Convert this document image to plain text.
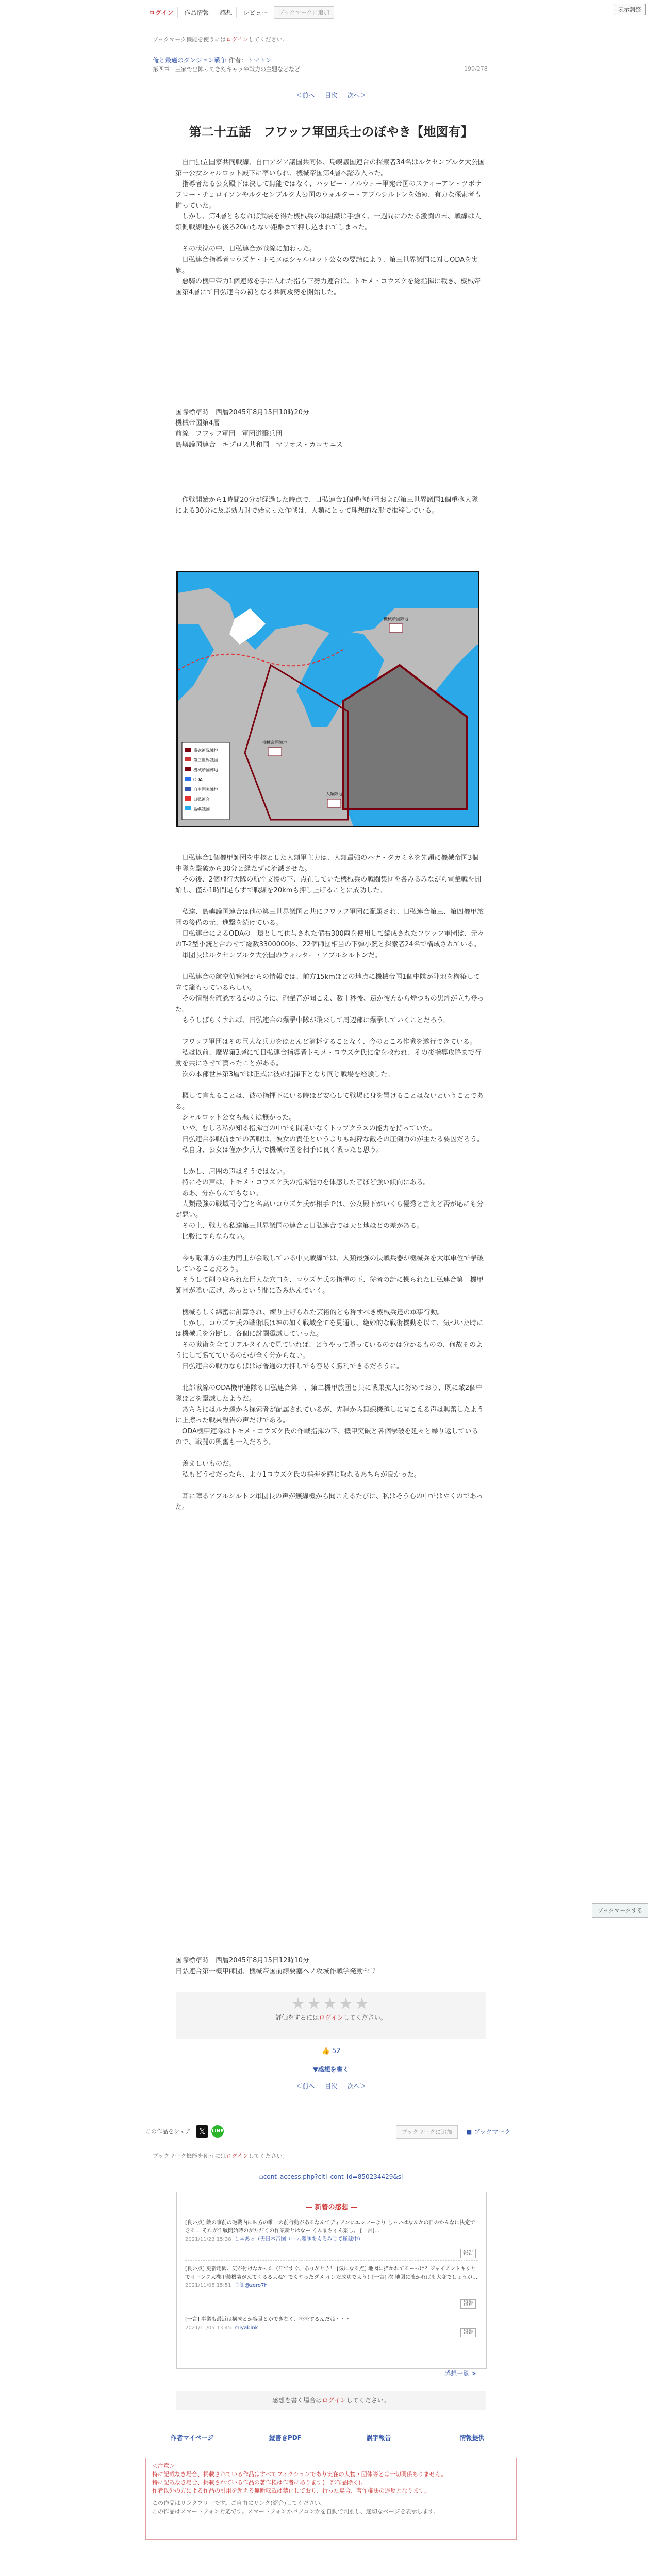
ログイン	作品情報	感想	レビュー	ブックマークに追加	表示調整
ブックマーク機能を使うにはログインしてください。
俺と最適のダンジョン戦争 作者：トマトン
第四章　三家で出陣ってきたキャラや戦力の主題などなど
＜前へ 目次 次へ＞
199/278
第二十五話　フワッフ軍団兵士のぼやき【地図有】

　自由独立国家共同戦線、自由アジア議国共同体、島嶼議国連合の探索者34名はルクセンブルク大公国第一公女シャルロット殿下に率いられ、機械帝国第4層へ踏み入った。

　指導者たる公女殿下は決して無能ではなく、ハッピー・ノルウェー軍宛帝国のスティーアン・ツボサブロー・チョロイソンやルクセンブルク大公国のウォルター・アブルシルトンを始め、有力な探索者も揃っていた。

　しかし、第4層ともなれば武装を得た機械兵の軍組織は手強く、一週間にわたる激闘の末、戦線は人類側戦線地から後ろ20㎞ちない距離まで押し込まれてしまった。

　その状況の中、日弘連合が戦線に加わった。

　日弘連合指導者コウズケ・トモメはシャルロット公女の要請により、第三世界議国に対しODAを実施。

　悪騎の機甲帝力1個連隊を手に入れた指ら三勢力連合は、トモメ・コウズケを総指揮に載き、機械帝国第4層にて日弘連合の初となる共同攻勢を開始した。

国際標準時　西暦2045年8月15日10時20分

機械帝国第4層

前線　フワッフ軍団　軍団道擊兵団

島嶼議国連合　キプロス共和国　マリオス・カコヤニス

　作戦開始から1時間20分が経過した時点で、日弘連合1個重砲師団および第三世界議国1個重砲大隊による30分に及ぶ効力射で始まった作戦は、人類にとって理想的な形で推移している。

機械帝国陣地
機械帝国陣地
人類陣地
重砲連隊陣地
第三世界議国
機械帝国陣地
ODA
自由国家陣地
日弘連合
島嶼議国

　日弘連合1個機甲師団を中核とした人類軍主力は、人類最強のハナ・タカミネを先頭に機械帝国3個中隊を撃破から30分と経たずに流滅させた。

　その後、2個飛行大隊の航空支援の下、点在していた機械兵の戦闘集団を各みるみながら電撃戦を開始し、僅か1時間足らずで戦線を20kmも押し上げることに成功した。

　私達、島嶼議国連合は他の第三世界議国と共にフワッフ軍団に配属され、日弘連合第三、第四機甲旅団の後備の元、進撃を続けている。

　日弘連合によるODAの一環として供与された備右300両を使用して編成されたフワッフ軍団は、元々のT-2型小銃と合わせて総数3300000体、22個師団相当の下弾小銃と探索者24名で構成されている。

　軍団長はルクセンブルク大公国のウォルター・アブルシルトンだ。

　日弘連合の航空偵察網からの情報では、前方15kmほどの地点に機械帝国1個中隊が陣地を構築して立て籠もっているらしい。

　その情報を確認するかのように、砲撃音が聞こえ、数十秒後、遠か彼方から煙つもの黒煙が立ち登った。

　もうしばらくすれば、日弘連合の爆撃中隊が飛来して周辺部に爆撃していくことだろう。

　フワッフ軍団はその巨大な兵力をほとんど消耗することなく、今のところ作戦を遂行できている。

　私は以前、魔界第3層にて日弘連合指導者トモメ・コウズケ氏に命を救われ、その後指導攻略まで行動を共にさせて貰ったことがある。

　次の本部世界第3層では正式に彼の指揮下となり同じ戦場を経験した。

　概して言えることは、彼の指揮下にいる時ほど安心して戦場に身を置けることはないということである。

　シャルロット公女も悪くは無かった。

　いや、むしろ私が知る指揮官の中でも間違いなくトップクラスの能力を持っていた。

　日弘連合参戦前までの苦戦は、彼女の責任というよりも純粋な敵その圧倒力のが主たる要因だろう。

　私自身、公女は僅か少兵力で機械帝国を相手に良く戦ったと思う。

　しかし、周囲の声はそうではない。

　特にその声は、トモメ・コウズケ氏の指揮能力を体感した者ほど強い傾向にある。

　ああ、分からんでもない。

　人類最強の戦域司令官と名高いコウズケ氏が相手では、公女殿下がいくら優秀と言えど否が応にも分が悪い。

　その上、戦力も私達第三世界議国の連合と日弘連合では天と地ほどの差がある。

　比較にすらならない。

　今も敵陣方の主力同士が会敵している中央戦線では、人類最強の決戦兵器が機械兵を大軍単位で撃破していることだろう。

　そうして削り取られた巨大な穴口を、コウズケ氏の指揮の下、従者の計に操られた日弘連合第一機甲師団が喰い広げ、あっという間に呑み込んでいく。

　機械らしく綿密に計算され、練り上げられた芸術的とも称すべき機械兵達の軍事行動。

　しかし、コウズケ氏の戦術眼は神の如く戦域全てを見通し、絶妙的な戦術機動を以て、気づいた時には機械兵を分断し、各個に討闘殲滅していった。

　その戦術を全てリアルタイムで見ていれば、どうやって勝っているのかは分かるものの、何故そのようにして勝てているのかが全く分からない。

　日弘連合の戦力ならばはぼ普通の力押しでも容易く勝利できるだろうに。

　北部戦線のODA機甲連隊も日弘連合第一、第二機甲旅団と共に戦果拡大に努めており、既に敵2個中隊ほどを撃滅したようだ。

　あちらにはルカ達から探索者が配属されているが、先程から無線機越しに聞こえる声は興奮したように上擦った戦果報告の声だけである。

　ODA機甲連隊はトモメ・コウズケ氏の作戦指揮の下、機甲突破と各個撃破を延々と繰り返しているので、戦闘の興奮も一入だろう。

　羨ましいものだ。

　私もどうせだったら、より1コウズケ氏の指揮を感じ取れるあちらが良かった。

　耳に障るアブルシルトン軍団長の声が無線機から聞こえるたびに、私はそう心の中ではやくのであった。

ブックマークする

国際標準時　西暦2045年8月15日12時10分

日弘連合第一機甲師団、機械帝国前線要塞ヘノ攻城作戦学発動セリ

★★★★★
評価をするにはログインしてください。
👍 52
▼感想を書く
＜前へ 目次 次へ＞
この作品をシェア	𝕏	LINE	ブックマークに追加	■ ブックマーク
ブックマーク機能を使うにはログインしてください。
▫cont_access.php?citi_cont_id=850234429&si
― 新着の感想 ―
[良い点] 敵の事前の砲戦内に味方の唯一の前行動があるなんてディアンにエンフーより しゃいはなんかの日のかんなに決定できる… それが作戦開始時のがただくの作業新とはなー くんまちゃん楽し。 [一言]…
2021/11/23 15:38 しゃあっ（天日本帝国コーム艦隊をもろみじて逢隷中）
報告
[良い点] 更新用聞、気が付けなかった（汗ですぐ、ありがとう！ [気になる点] 地図に描かれてるーっけ？ジャイアントキリとでオーンク大機甲装機装がえてくるるよね？でもやったダメ インだ成功でよう！[一言] 次 地図に確かればも大変でしょうが…
2021/11/05 15:51 金脚@zero7h
報告
[一言] 事業も最近は構成とか容量とかできなく、流流するんだね・・・
2021/11/05 13:45 miyabink
報告
感想一覧 >
感想を書く場合はログインしてください。
作者マイページ	縦書きPDF	誤字報告	情報提供
＜注意＞
特に記載なき場合、掲載されている作品はすべてフィクションであり実在の人物・団体等とは一切関係ありません。
特に記載なき場合、掲載されている作品の著作権は作者にあります(一部作品除く)。
作者以外の方による作品の引用を超える無断転載は禁止しており、行った場合、著作権法の違反となります。
この作品はリンクフリーです。ご自由にリンク(紹介)してください。
この作品はスマートフォン対応です。スマートフォンかパソコンかを自動で判別し、適切なページを表示します。
